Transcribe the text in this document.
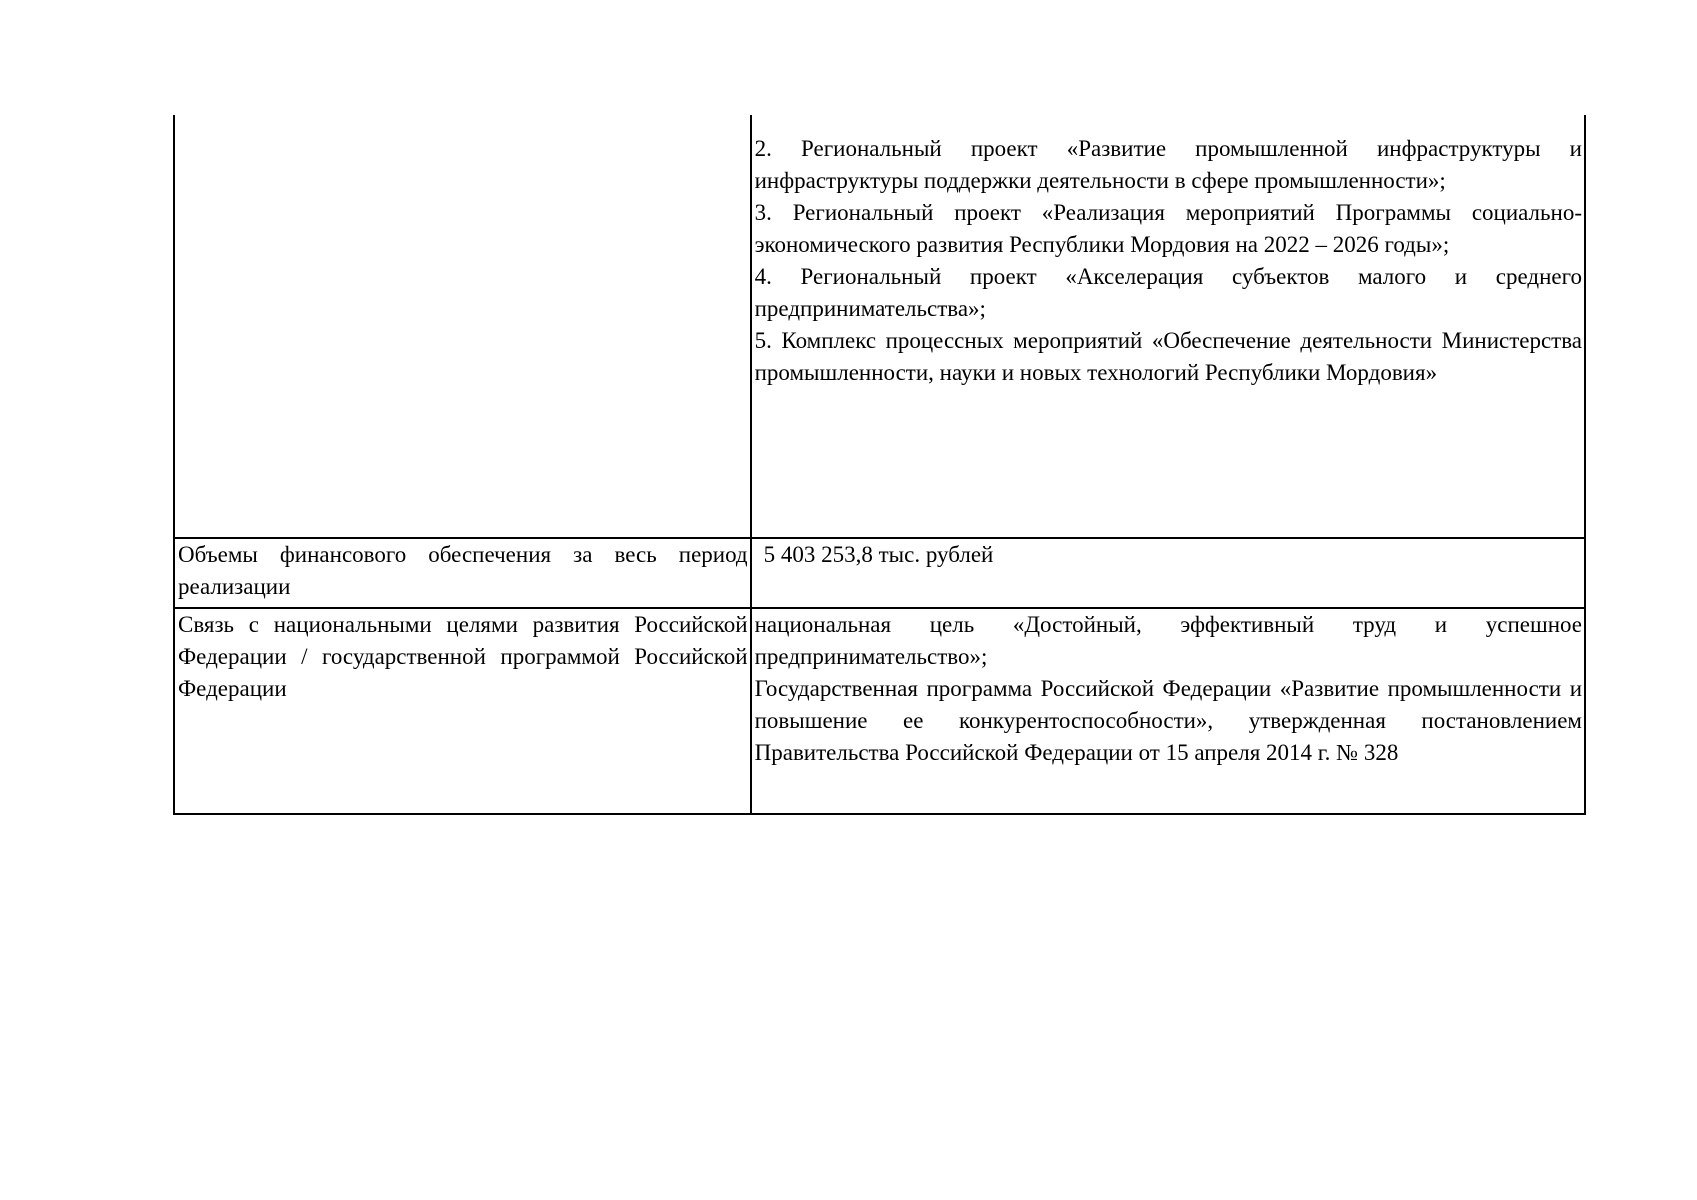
	2. Региональный проект «Развитие промышленной инфраструктуры и инфраструктуры поддержки деятельности в сфере промышленности»;
3. Региональный проект «Реализация мероприятий Программы социально-экономического развития Республики Мордовия на 2022 – 2026 годы»;
4. Региональный проект «Акселерация субъектов малого и среднего предпринимательства»;
5. Комплекс процессных мероприятий «Обеспечение деятельности Министерства промышленности, науки и новых технологий Республики Мордовия»

Объемы финансового обеспечения за весь период реализации	5 403 253,8 тыс. рублей
Связь с национальными целями развития Российской Федерации / государственной программой Российской Федерации	национальная цель «Достойный, эффективный труд и успешное предпринимательство»;
Государственная программа Российской Федерации «Развитие промышленности и повышение ее конкурентоспособности», утвержденная постановлением Правительства Российской Федерации от 15 апреля 2014 г. № 328
